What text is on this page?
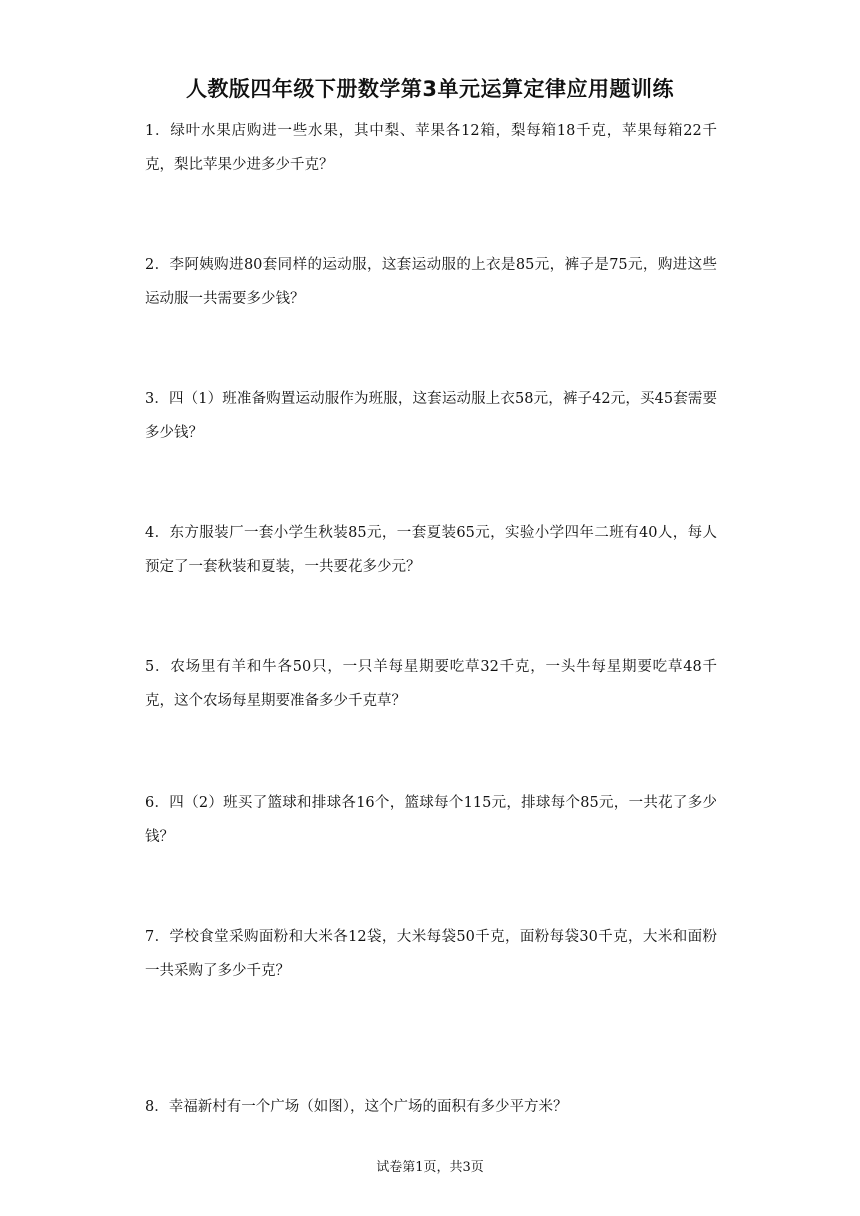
人教版四年级下册数学第3单元运算定律应用题训练
1．绿叶水果店购进一些水果，其中梨、苹果各12箱，梨每箱18千克，苹果每箱22千克，梨比苹果少进多少千克？
2．李阿姨购进80套同样的运动服，这套运动服的上衣是85元，裤子是75元，购进这些运动服一共需要多少钱？
3．四（1）班准备购置运动服作为班服，这套运动服上衣58元，裤子42元，买45套需要多少钱？
4．东方服装厂一套小学生秋装85元，一套夏装65元，实验小学四年二班有40人，每人预定了一套秋装和夏装，一共要花多少元？
5．农场里有羊和牛各50只，一只羊每星期要吃草32千克，一头牛每星期要吃草48千克，这个农场每星期要准备多少千克草？
6．四（2）班买了篮球和排球各16个，篮球每个115元，排球每个85元，一共花了多少钱？
7．学校食堂采购面粉和大米各12袋，大米每袋50千克，面粉每袋30千克，大米和面粉一共采购了多少千克？
8．幸福新村有一个广场（如图），这个广场的面积有多少平方米？
试卷第1页，共3页
